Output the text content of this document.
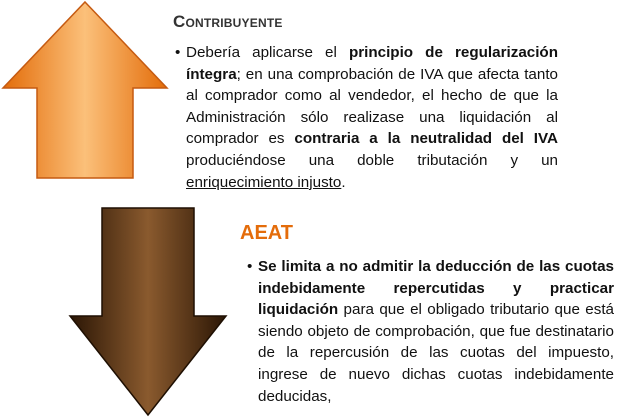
Contribuyente

• Debería aplicarse el principio de regularización íntegra; en una comprobación de IVA que afecta tanto al comprador como al vendedor, el hecho de que la Administración sólo realizase una liquidación al comprador es contraria a la neutralidad del IVA produciéndose una doble tributación y un enriquecimiento injusto.

AEAT

• Se limita a no admitir la deducción de las cuotas indebidamente repercutidas y practicar liquidación para que el obligado tributario que está siendo objeto de comprobación, que fue destinatario de la repercusión de las cuotas del impuesto, ingrese de nuevo dichas cuotas indebidamente deducidas,
